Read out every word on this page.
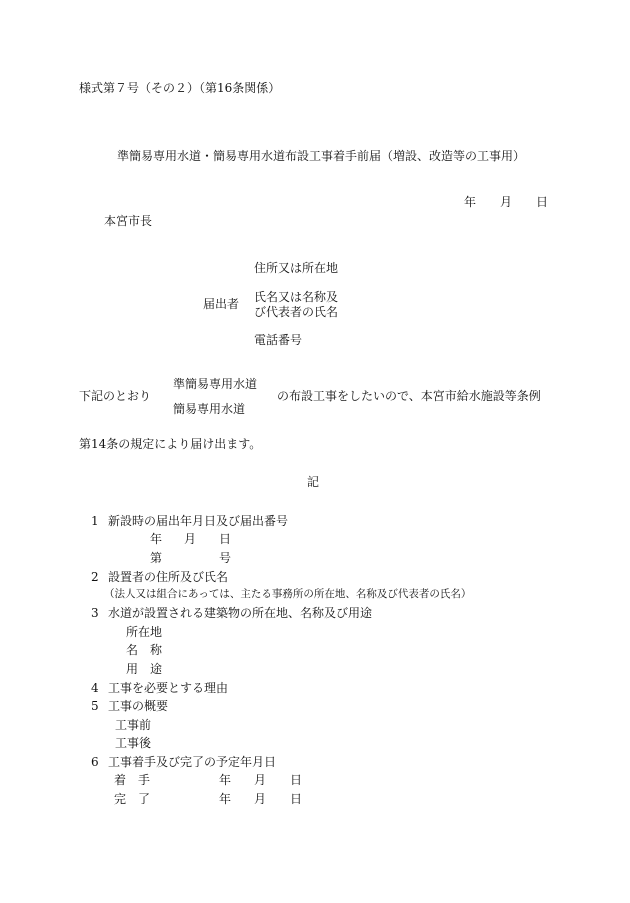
様式第７号（その２）（第16条関係）
準簡易専用水道・簡易専用水道布設工事着手前届（増設、改造等の工事用）
年 月 日
本宮市長
届出者
住所又は所在地
氏名又は名称及
び代表者の氏名
電話番号
準簡易専用水道
下記のとおり	の布設工事をしたいので、本宮市給水施設等条例
簡易専用水道
第14条の規定により届け出ます。
記
1 新設時の届出年月日及び届出番号
年 月 日
第	号
2 設置者の住所及び氏名
（法人又は組合にあっては、主たる事務所の所在地、名称及び代表者の氏名）
3 水道が設置される建築物の所在地、名称及び用途
所在地
名　称
用　途
4 工事を必要とする理由
5 工事の概要
工事前
工事後
6 工事着手及び完了の予定年月日
着　手	年 月 日
完　了	年 月 日
